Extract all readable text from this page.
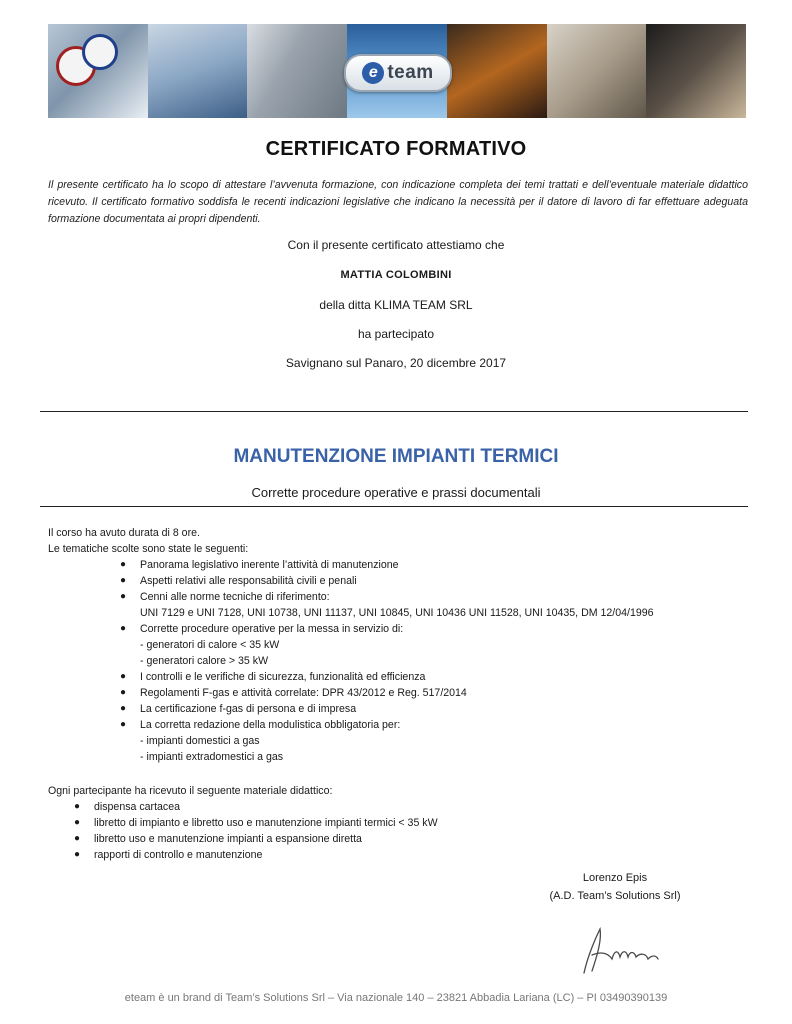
e team
CERTIFICATO FORMATIVO
Il presente certificato ha lo scopo di attestare l’avvenuta formazione, con indicazione completa dei temi trattati e dell’eventuale materiale didattico ricevuto. Il certificato formativo soddisfa le recenti indicazioni legislative che indicano la necessità per il datore di lavoro di far effettuare adeguata formazione documentata ai propri dipendenti.
Con il presente certificato attestiamo che
MATTIA COLOMBINI
della ditta KLIMA TEAM SRL
ha partecipato
Savignano sul Panaro, 20 dicembre 2017
MANUTENZIONE IMPIANTI TERMICI
Corrette procedure operative e prassi documentali
Il corso ha avuto durata di 8 ore.
Le tematiche scolte sono state le seguenti:
● Panorama legislativo inerente l’attività di manutenzione
● Aspetti relativi alle responsabilità civili e penali
● Cenni alle norme tecniche di riferimento:
UNI 7129 e UNI 7128, UNI 10738, UNI 11137, UNI 10845, UNI 10436 UNI 11528, UNI 10435, DM 12/04/1996
● Corrette procedure operative per la messa in servizio di:
- generatori di calore < 35 kW
- generatori calore > 35 kW
● I controlli e le verifiche di sicurezza, funzionalità ed efficienza
● Regolamenti F-gas e attività correlate: DPR 43/2012 e Reg. 517/2014
● La certificazione f-gas di persona e di impresa
● La corretta redazione della modulistica obbligatoria per:
- impianti domestici a gas
- impianti extradomestici a gas
Ogni partecipante ha ricevuto il seguente materiale didattico:
● dispensa cartacea
● libretto di impianto e libretto uso e manutenzione impianti termici < 35 kW
● libretto uso e manutenzione impianti a espansione diretta
● rapporti di controllo e manutenzione
Lorenzo Epis
(A.D. Team’s Solutions Srl)
eteam è un brand di Team’s Solutions Srl – Via nazionale 140 – 23821 Abbadia Lariana (LC) – PI 03490390139
